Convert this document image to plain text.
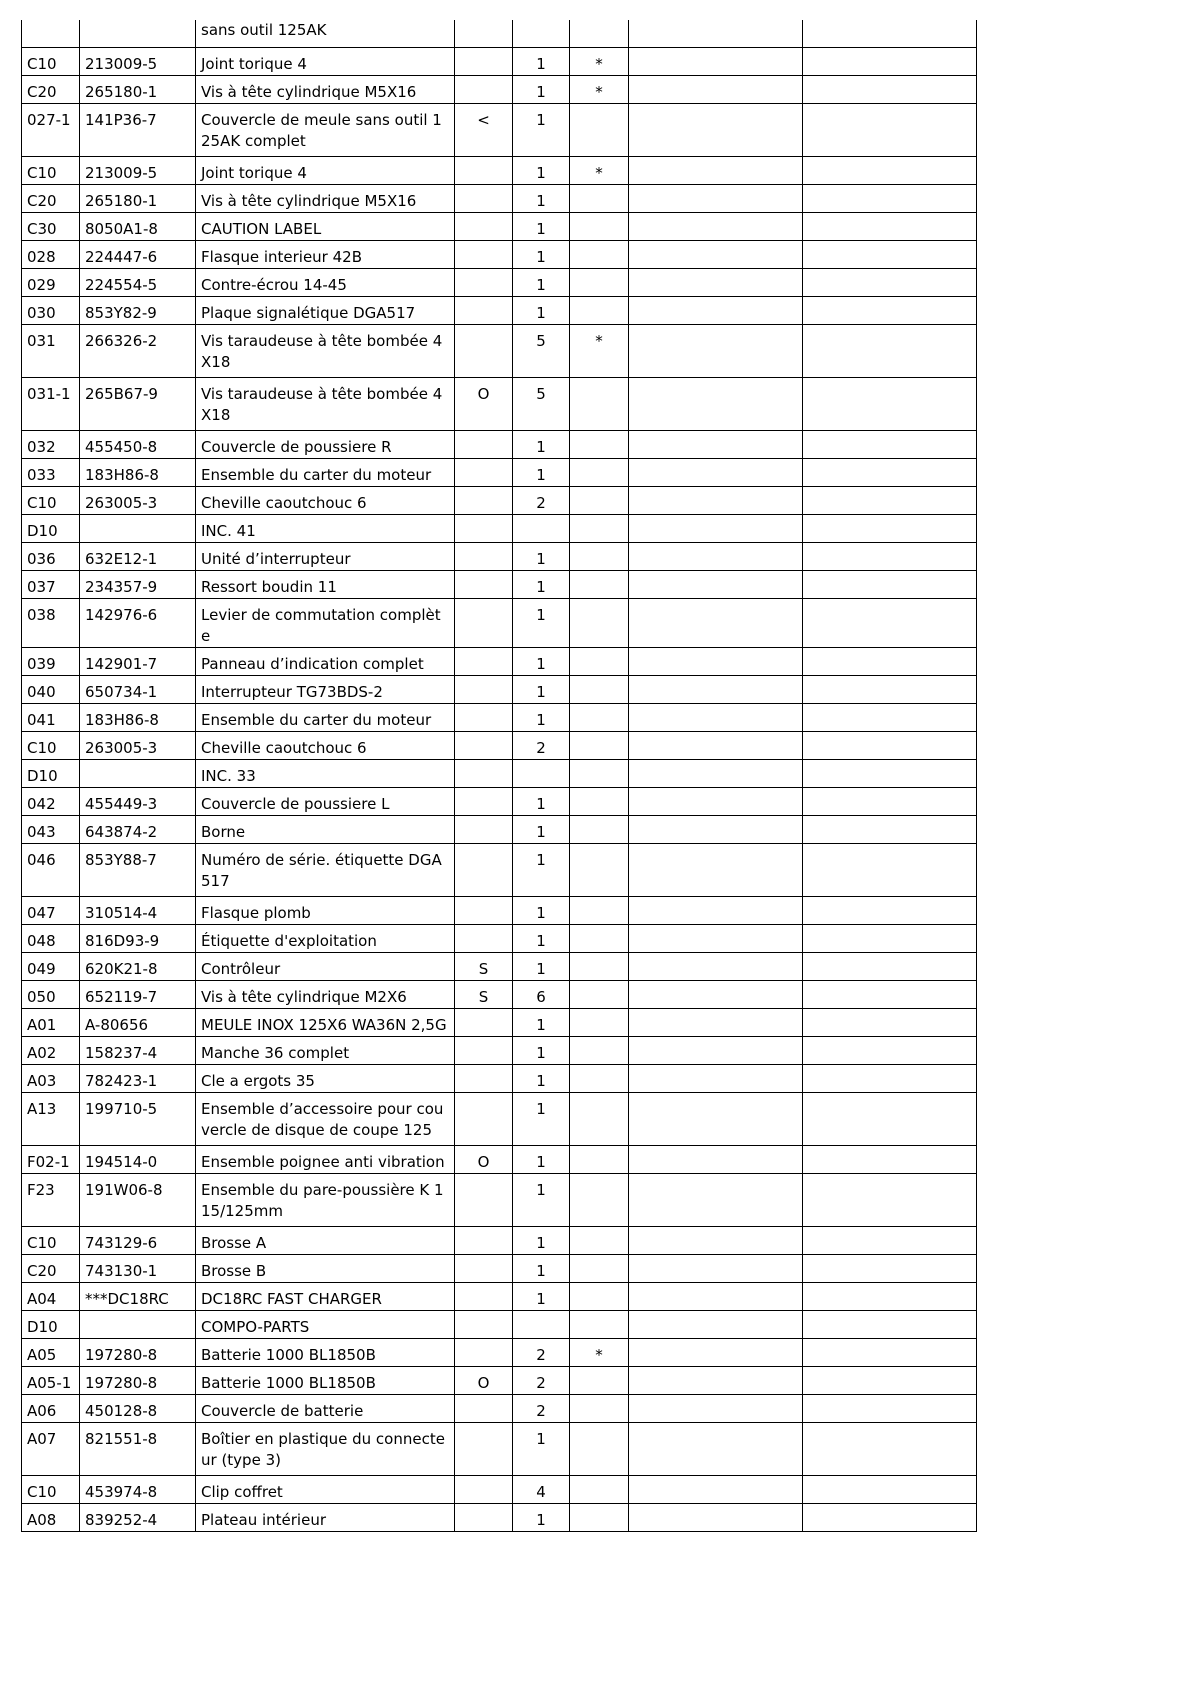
		sans outil 125AK					
C10	213009-5	Joint torique 4		1	*		
C20	265180-1	Vis à tête cylindrique M5X16		1	*		
027-1	141P36-7	Couvercle de meule sans outil 125AK complet	<	1			
C10	213009-5	Joint torique 4		1	*		
C20	265180-1	Vis à tête cylindrique M5X16		1			
C30	8050A1-8	CAUTION LABEL		1			
028	224447-6	Flasque interieur 42B		1			
029	224554-5	Contre-écrou 14-45		1			
030	853Y82-9	Plaque signalétique DGA517		1			
031	266326-2	Vis taraudeuse à tête bombée 4X18		5	*		
031-1	265B67-9	Vis taraudeuse à tête bombée 4X18	O	5			
032	455450-8	Couvercle de poussiere R		1			
033	183H86-8	Ensemble du carter du moteur		1			
C10	263005-3	Cheville caoutchouc 6		2			
D10		INC. 41					
036	632E12-1	Unité d’interrupteur		1			
037	234357-9	Ressort boudin 11		1			
038	142976-6	Levier de commutation complète		1			
039	142901-7	Panneau d’indication complet		1			
040	650734-1	Interrupteur TG73BDS-2		1			
041	183H86-8	Ensemble du carter du moteur		1			
C10	263005-3	Cheville caoutchouc 6		2			
D10		INC. 33					
042	455449-3	Couvercle de poussiere L		1			
043	643874-2	Borne		1			
046	853Y88-7	Numéro de série. étiquette DGA517		1			
047	310514-4	Flasque plomb		1			
048	816D93-9	Étiquette d'exploitation		1			
049	620K21-8	Contrôleur	S	1			
050	652119-7	Vis à tête cylindrique M2X6	S	6			
A01	A-80656	MEULE INOX 125X6 WA36N 2,5G		1			
A02	158237-4	Manche 36 complet		1			
A03	782423-1	Cle a ergots 35		1			
A13	199710-5	Ensemble d’accessoire pour couvercle de disque de coupe 125		1			
F02-1	194514-0	Ensemble poignee anti vibration	O	1			
F23	191W06-8	Ensemble du pare-poussière K 115/125mm		1			
C10	743129-6	Brosse A		1			
C20	743130-1	Brosse B		1			
A04	***DC18RC	DC18RC FAST CHARGER		1			
D10		COMPO-PARTS					
A05	197280-8	Batterie 1000 BL1850B		2	*		
A05-1	197280-8	Batterie 1000 BL1850B	O	2			
A06	450128-8	Couvercle de batterie		2			
A07	821551-8	Boîtier en plastique du connecteur (type 3)		1			
C10	453974-8	Clip coffret		4			
A08	839252-4	Plateau intérieur		1			
